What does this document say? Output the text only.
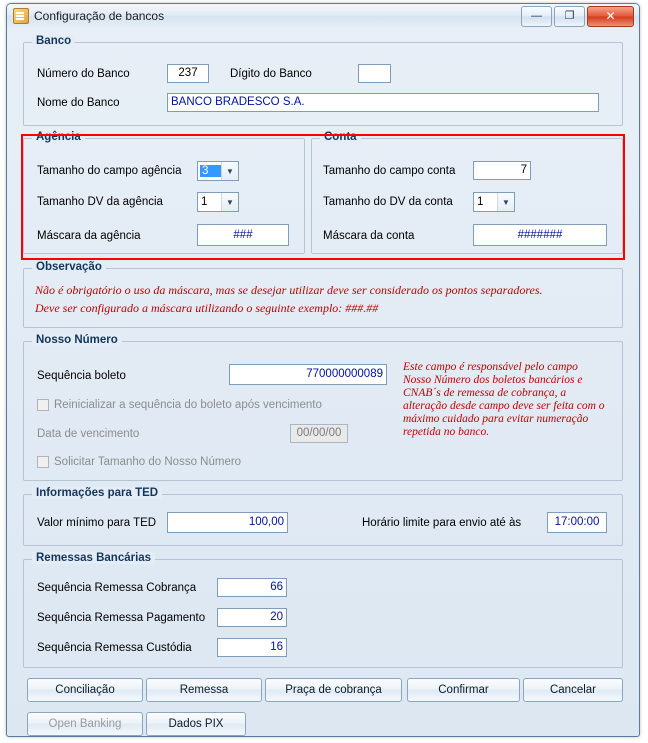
Configuração de bancos	—	❐	✕
Banco
Número do Banco	237	Dígito do Banco
Nome do Banco	BANCO BRADESCO S.A.
Agência
Tamanho do campo agência 3	▼
Tamanho DV da agência	1	▼
Máscara da agência	###
Conta
Tamanho do campo conta	7
Tamanho do DV da conta 1	▼
Máscara da conta	#######
Observação
Não é obrigatório o uso da máscara, mas se desejar utilizar deve ser considerado os pontos separadores.
Deve ser configurado a máscara utilizando o seguinte exemplo: ###.##
Nosso Número
Sequência boleto	770000000089
Reinicializar a sequência do boleto após vencimento
Data de vencimento	00/00/00
Solicitar Tamanho do Nosso Número
Este campo é responsável pelo campo Nosso Número dos boletos bancários e CNAB´s de remessa de cobrança, a alteração desde campo deve ser feita com o máximo cuidado para evitar numeração repetida no banco.
Informações para TED
Valor mínimo para TED	100,00	Horário limite para envio até às	17:00:00
Remessas Bancárias
Sequência Remessa Cobrança	66
Sequência Remessa Pagamento	20
Sequência Remessa Custódia	16
Conciliação	Remessa	Praça de cobrança	Confirmar	Cancelar
Open Banking	Dados PIX
